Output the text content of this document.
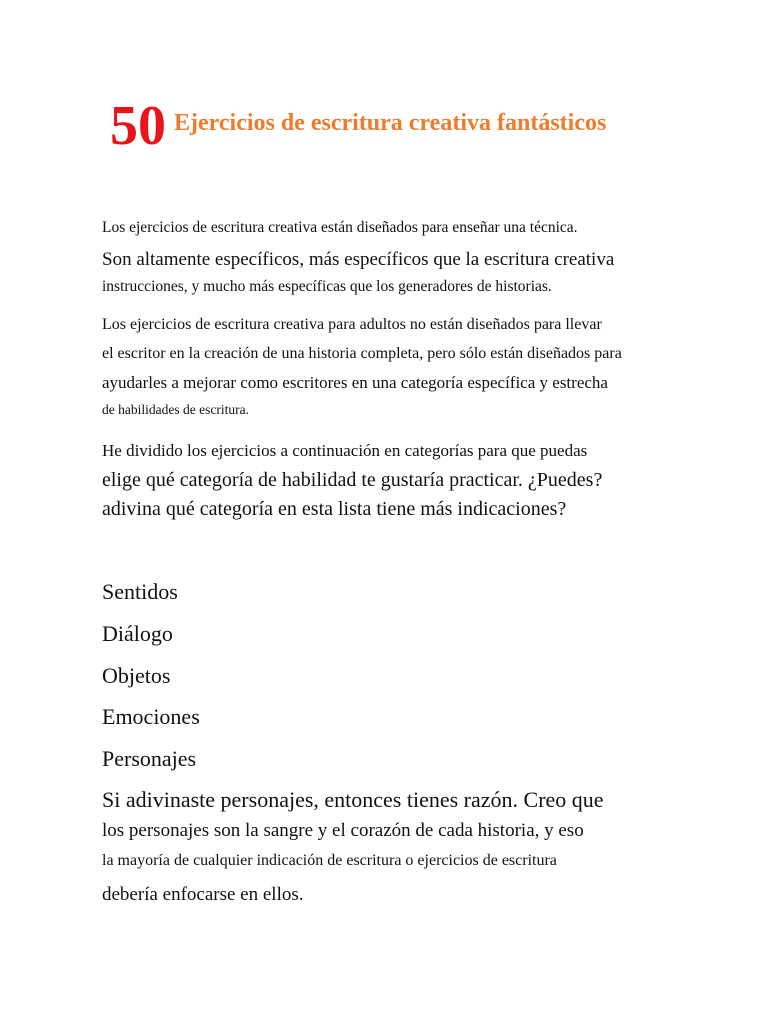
50 Ejercicios de escritura creativa fantásticos
Los ejercicios de escritura creativa están diseñados para enseñar una técnica.
Son altamente específicos, más específicos que la escritura creativa
instrucciones, y mucho más específicas que los generadores de historias.
Los ejercicios de escritura creativa para adultos no están diseñados para llevar
el escritor en la creación de una historia completa, pero sólo están diseñados para
ayudarles a mejorar como escritores en una categoría específica y estrecha
de habilidades de escritura.
He dividido los ejercicios a continuación en categorías para que puedas
elige qué categoría de habilidad te gustaría practicar. ¿Puedes?
adivina qué categoría en esta lista tiene más indicaciones?
Sentidos
Diálogo
Objetos
Emociones
Personajes
Si adivinaste personajes, entonces tienes razón. Creo que
los personajes son la sangre y el corazón de cada historia, y eso
la mayoría de cualquier indicación de escritura o ejercicios de escritura
debería enfocarse en ellos.
